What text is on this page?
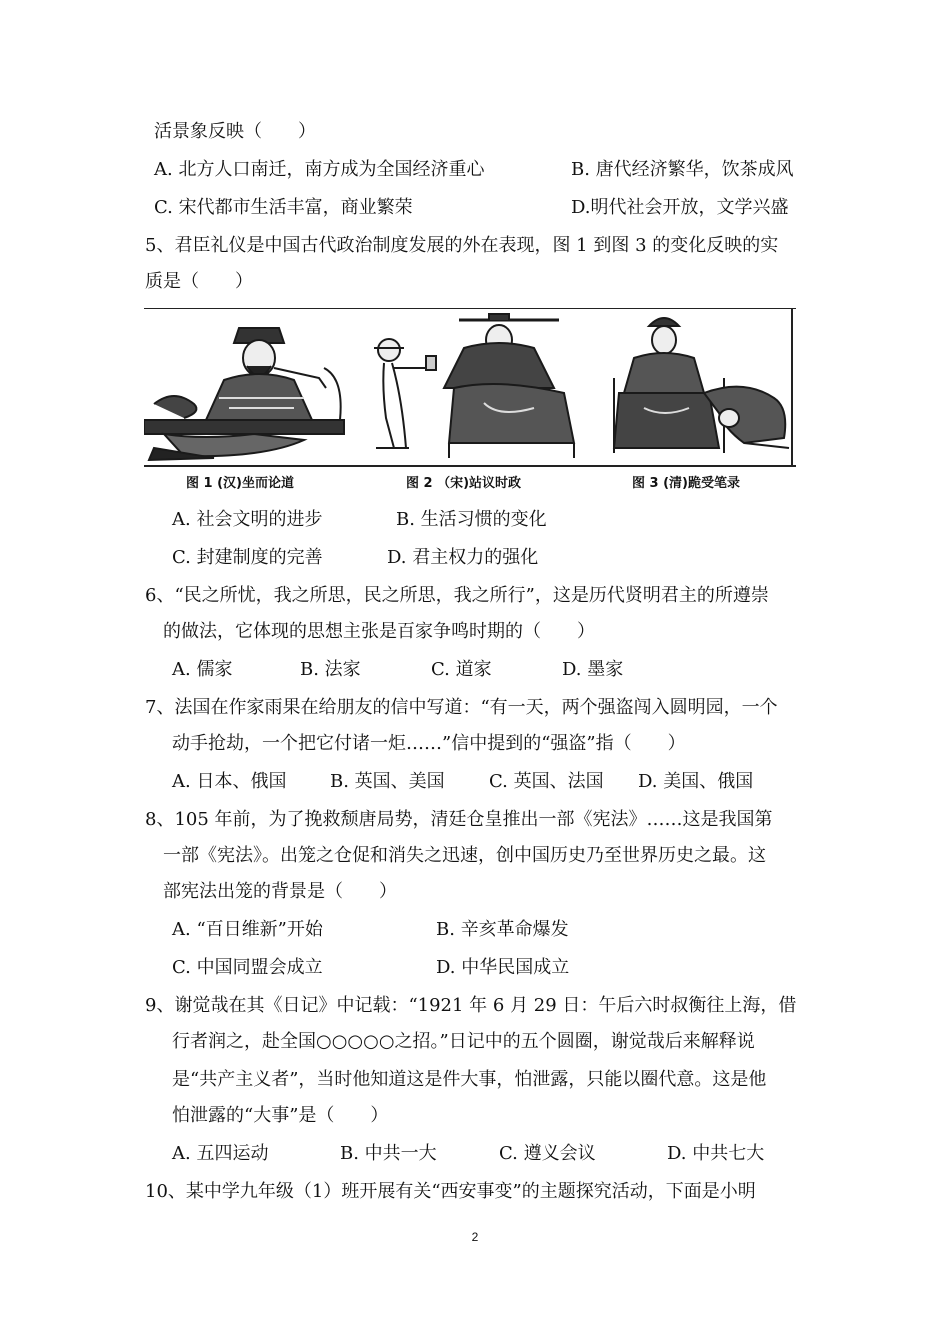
活景象反映（　　）
A. 北方人口南迁，南方成为全国经济重心	B. 唐代经济繁华，饮茶成风
C. 宋代都市生活丰富，商业繁荣	D.明代社会开放，文学兴盛
5、君臣礼仪是中国古代政治制度发展的外在表现，图 1 到图 3 的变化反映的实
质是（　　）
图 1 (汉)坐而论道	图 2 （宋)站议时政	图 3 (清)跪受笔录
A. 社会文明的进步	B. 生活习惯的变化
C. 封建制度的完善	D. 君主权力的强化
6、“民之所忧，我之所思，民之所思，我之所行”，这是历代贤明君主的所遵崇
的做法，它体现的思想主张是百家争鸣时期的（　　）
A. 儒家	B. 法家	C. 道家	D. 墨家
7、法国在作家雨果在给朋友的信中写道：“有一天，两个强盗闯入圆明园，一个
动手抢劫，一个把它付诸一炬……”信中提到的“强盗”指（　　）
A. 日本、俄国 B. 英国、美国 C. 英国、法国 D. 美国、俄国
8、105 年前，为了挽救颓唐局势，清廷仓皇推出一部《宪法》……这是我国第
一部《宪法》。出笼之仓促和消失之迅速，创中国历史乃至世界历史之最。这
部宪法出笼的背景是（　　）
A. “百日维新”开始	B. 辛亥革命爆发
C. 中国同盟会成立	D. 中华民国成立
9、谢觉哉在其《日记》中记载：“1921 年 6 月 29 日：午后六时叔衡往上海，借
行者润之，赴全国○○○○○之招。”日记中的五个圆圈，谢觉哉后来解释说
是“共产主义者”，当时他知道这是件大事，怕泄露，只能以圈代意。这是他
怕泄露的“大事”是（　　）
A. 五四运动	B. 中共一大	C. 遵义会议	D. 中共七大
10、某中学九年级（1）班开展有关“西安事变”的主题探究活动，下面是小明
2
